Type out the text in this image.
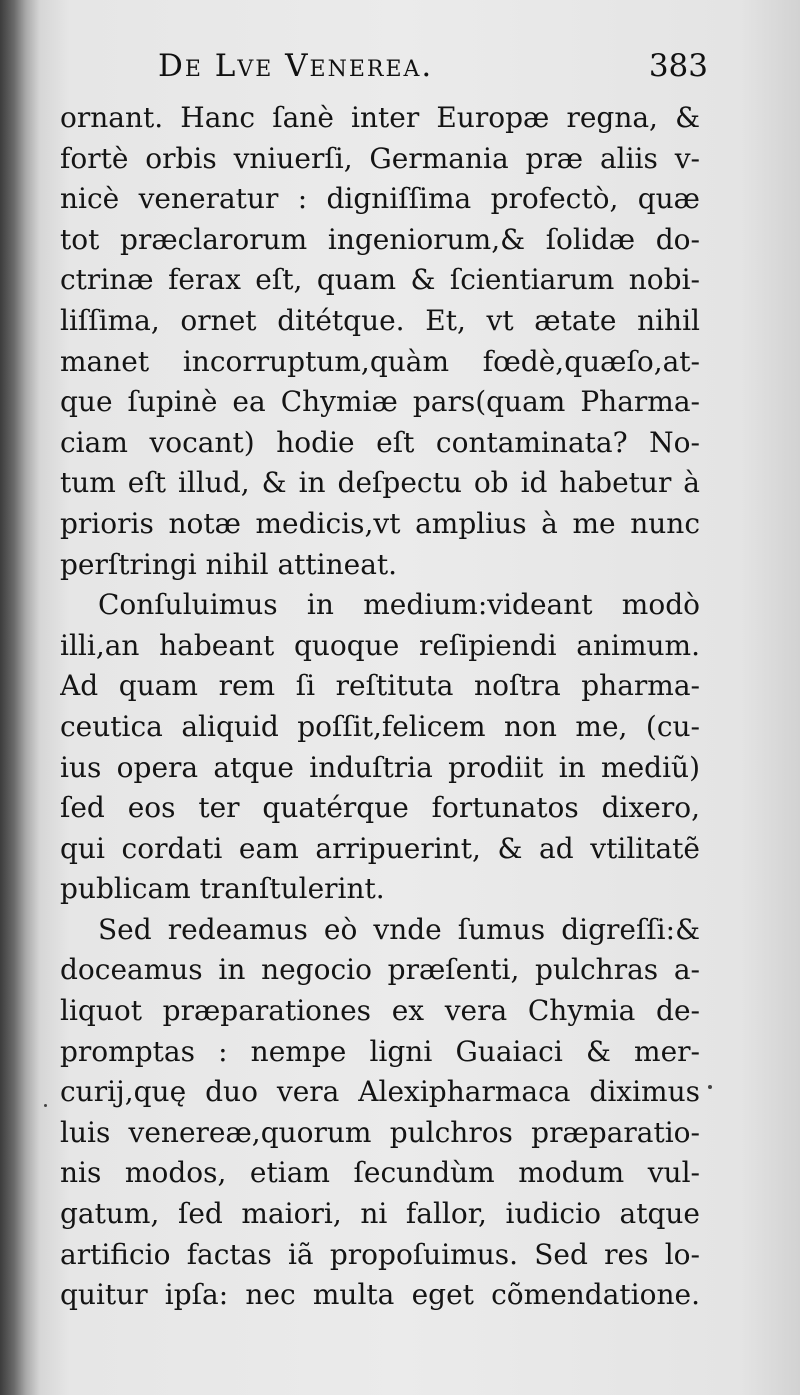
De Lve Venerea.	383
ornant. Hanc ſanè inter Europæ regna, &
fortè orbis vniuerſi, Germania præ aliis v-
nicè veneratur : digniſſima profectò, quæ
tot præclarorum ingeniorum,& ſolidæ do-
ctrinæ ferax eſt, quam & ſcientiarum nobi-
liſſima, ornet ditétque. Et, vt ætate nihil
manet incorruptum,quàm fœdè,quæſo,at-
que ſupinè ea Chymiæ pars(quam Pharma-
ciam vocant) hodie eſt contaminata? No-
tum eſt illud, & in deſpectu ob id habetur à
prioris notæ medicis,vt amplius à me nunc
perſtringi nihil attineat.
Conſuluimus in medium:videant modò
illi,an habeant quoque reſipiendi animum.
Ad quam rem ſi reſtituta noſtra pharma-
ceutica aliquid poſſit,felicem non me, (cu-
ius opera atque induſtria prodiit in mediũ)
ſed eos ter quatérque fortunatos dixero,
qui cordati eam arripuerint, & ad vtilitatẽ
publicam tranſtulerint.
Sed redeamus eò vnde ſumus digreſſi:&
doceamus in negocio præſenti, pulchras a-
liquot præparationes ex vera Chymia de-
promptas : nempe ligni Guaiaci & mer-
curij,quę duo vera Alexipharmaca diximus
luis venereæ,quorum pulchros præparatio-
nis modos, etiam ſecundùm modum vul-
gatum, ſed maiori, ni fallor, iudicio atque
artificio factas iã propoſuimus. Sed res lo-
quitur ipſa: nec multa eget cõmendatione.
